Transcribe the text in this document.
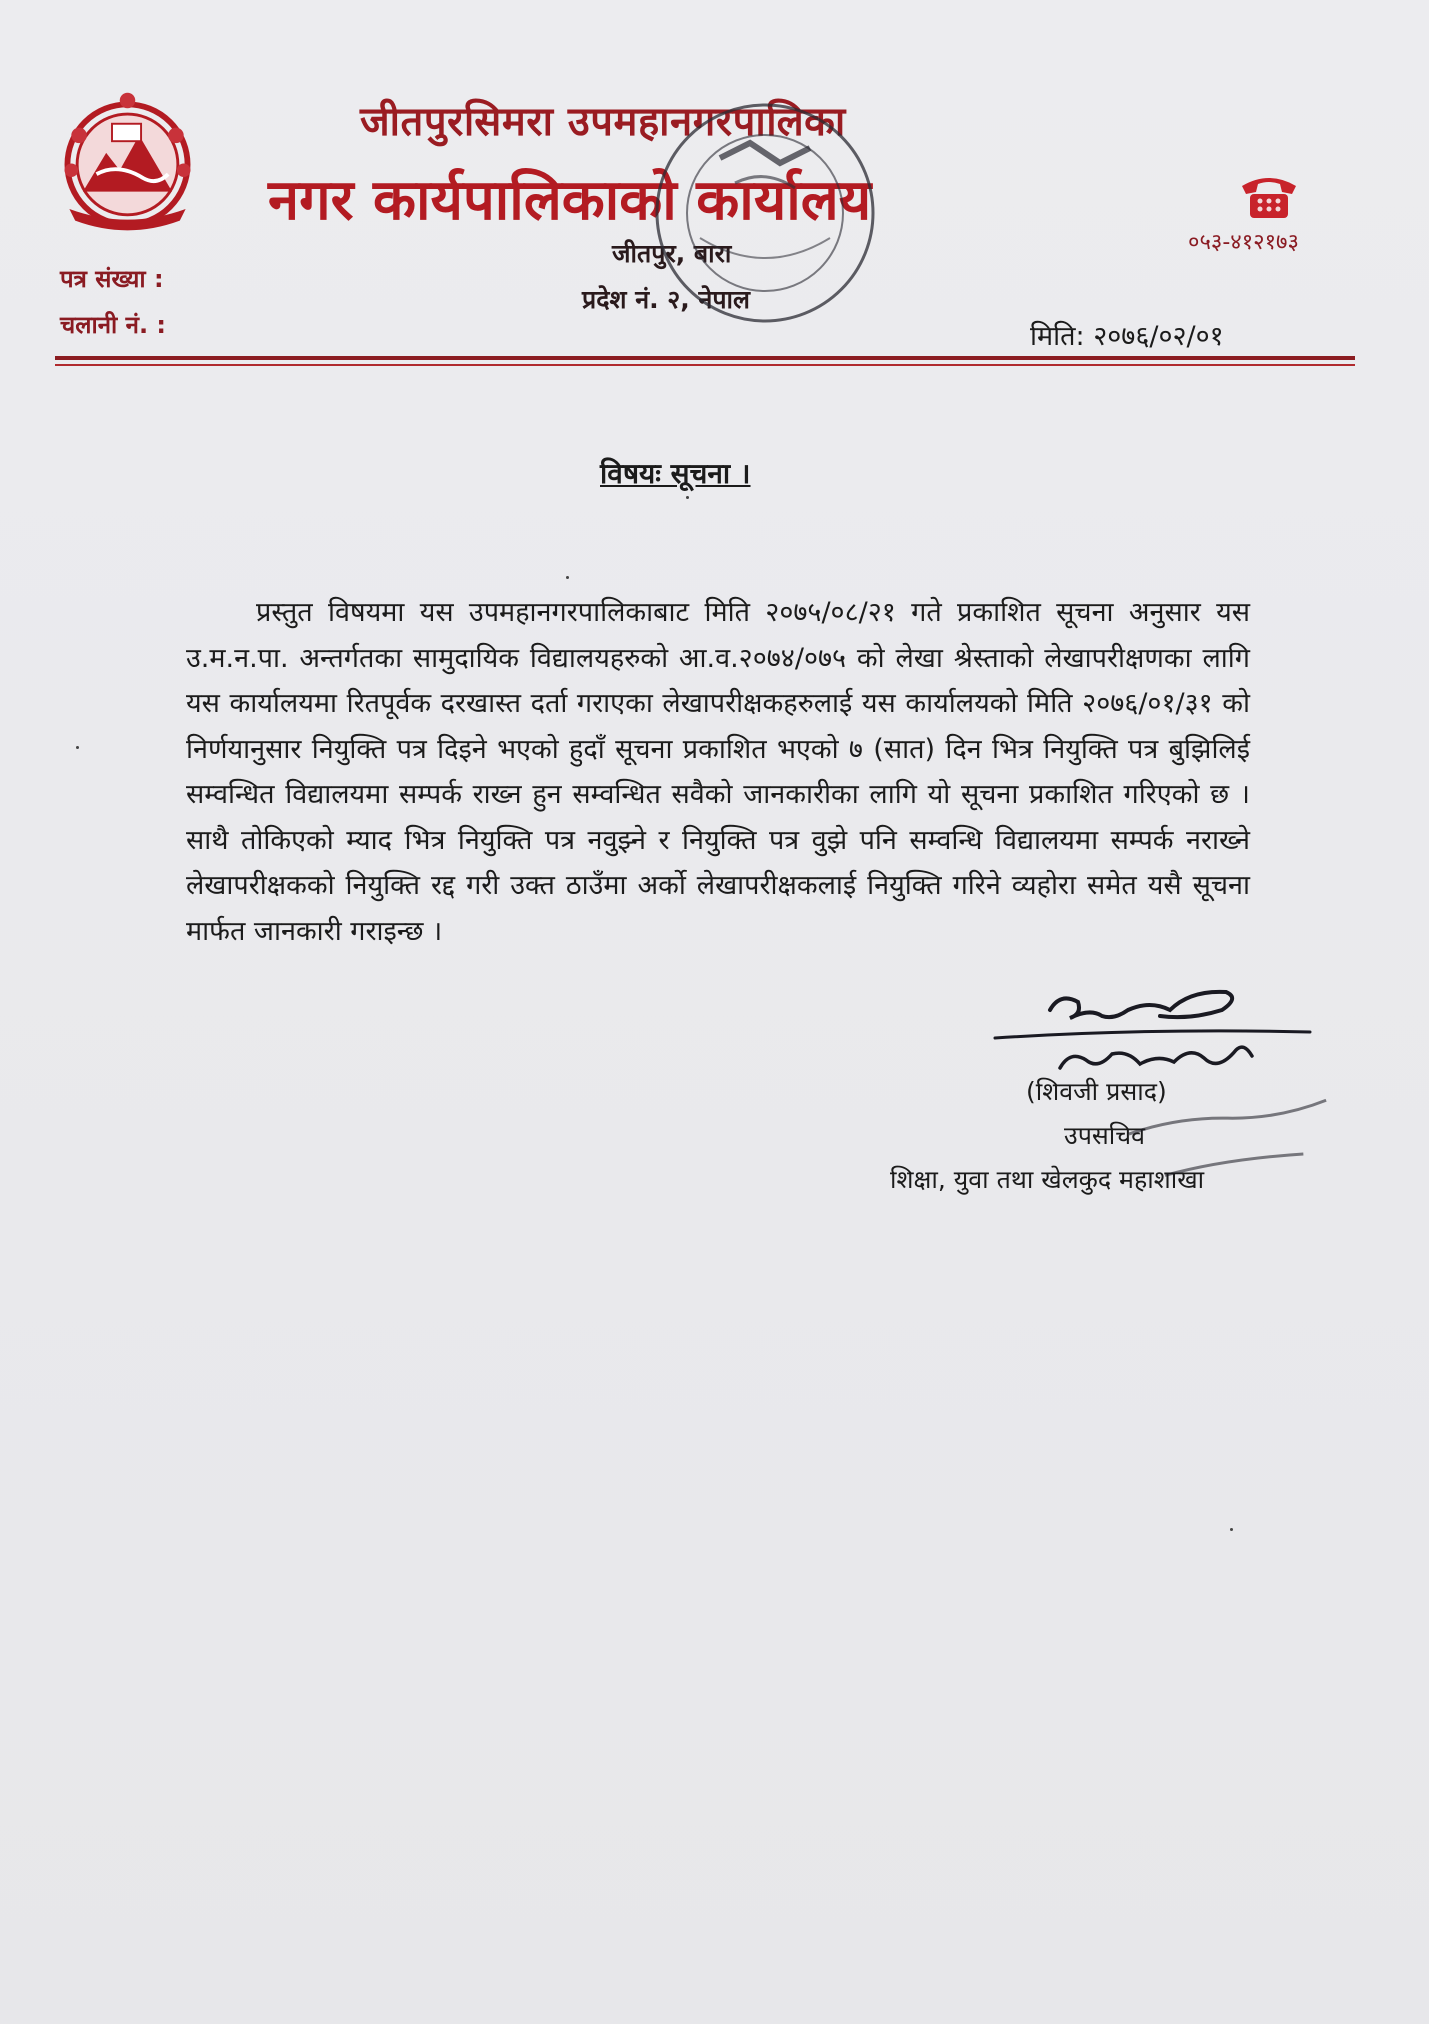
जीतपुरसिमरा उपमहानगरपालिका
नगर कार्यपालिकाको कार्यालय
जीतपुर, बारा
प्रदेश नं. २, नेपाल
०५३-४१२१७३
पत्र संख्या :
चलानी नं. :	मिति: २०७६/०२/०१
विषयः सूचना ।
प्रस्तुत विषयमा यस उपमहानगरपालिकाबाट मिति २०७५/०८/२१ गते प्रकाशित सूचना अनुसार यस उ.म.न.पा. अन्तर्गतका सामुदायिक विद्यालयहरुको आ.व.२०७४/०७५ को लेखा श्रेस्ताको लेखापरीक्षणका लागि यस कार्यालयमा रितपूर्वक दरखास्त दर्ता गराएका लेखापरीक्षकहरुलाई यस कार्यालयको मिति २०७६/०१/३१ को निर्णयानुसार नियुक्ति पत्र दिइने भएको हुदाँ सूचना प्रकाशित भएको ७ (सात) दिन भित्र नियुक्ति पत्र बुझिलिई सम्वन्धित विद्यालयमा सम्पर्क राख्न हुन सम्वन्धित सवैको जानकारीका लागि यो सूचना प्रकाशित गरिएको छ । साथै तोकिएको म्याद भित्र नियुक्ति पत्र नवुझ्ने र नियुक्ति पत्र वुझे पनि सम्वन्धि विद्यालयमा सम्पर्क नराख्ने लेखापरीक्षकको नियुक्ति रद्द गरी उक्त ठाउँमा अर्को लेखापरीक्षकलाई नियुक्ति गरिने व्यहोरा समेत यसै सूचना मार्फत जानकारी गराइन्छ ।
(शिवजी प्रसाद)
उपसचिव
शिक्षा, युवा तथा खेलकुद महाशाखा
